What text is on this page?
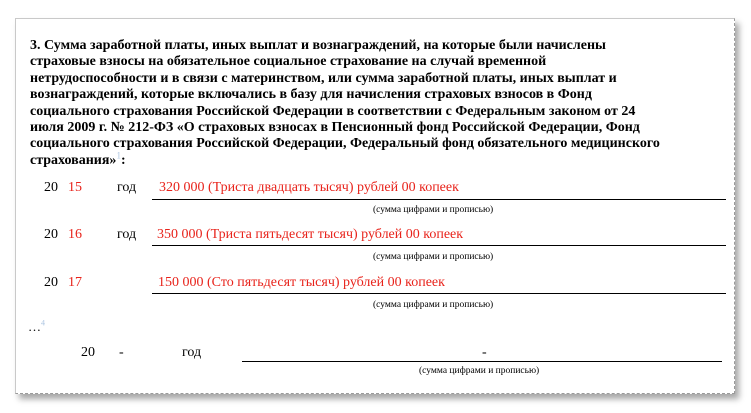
3. Сумма заработной платы, иных выплат и вознаграждений, на которые были начислены страховые взносы на обязательное социальное страхование на случай временной нетрудоспособности и в связи с материнством, или сумма заработной платы, иных выплат и вознаграждений, которые включались в базу для начисления страховых взносов в Фонд социального страхования Российской Федерации в соответствии с Федеральным законом от 24 июля 2009 г. № 212-ФЗ «О страховых взносах в Пенсионный фонд Российской Федерации, Фонд социального страхования Российской Федерации, Федеральный фонд обязательного медицинского страхования»$^1$:
20 15	год 320 000 (Триста двадцать тысяч) рублей 00 копеек
(сумма цифрами и прописью)
20 16	год 350 000 (Триста пятьдесят тысяч) рублей 00 копеек
(сумма цифрами и прописью)
20 17	150 000 (Сто пятьдесят тысяч) рублей 00 копеек
(сумма цифрами и прописью)
…$^4$
20 -	год	-
(сумма цифрами и прописью)
